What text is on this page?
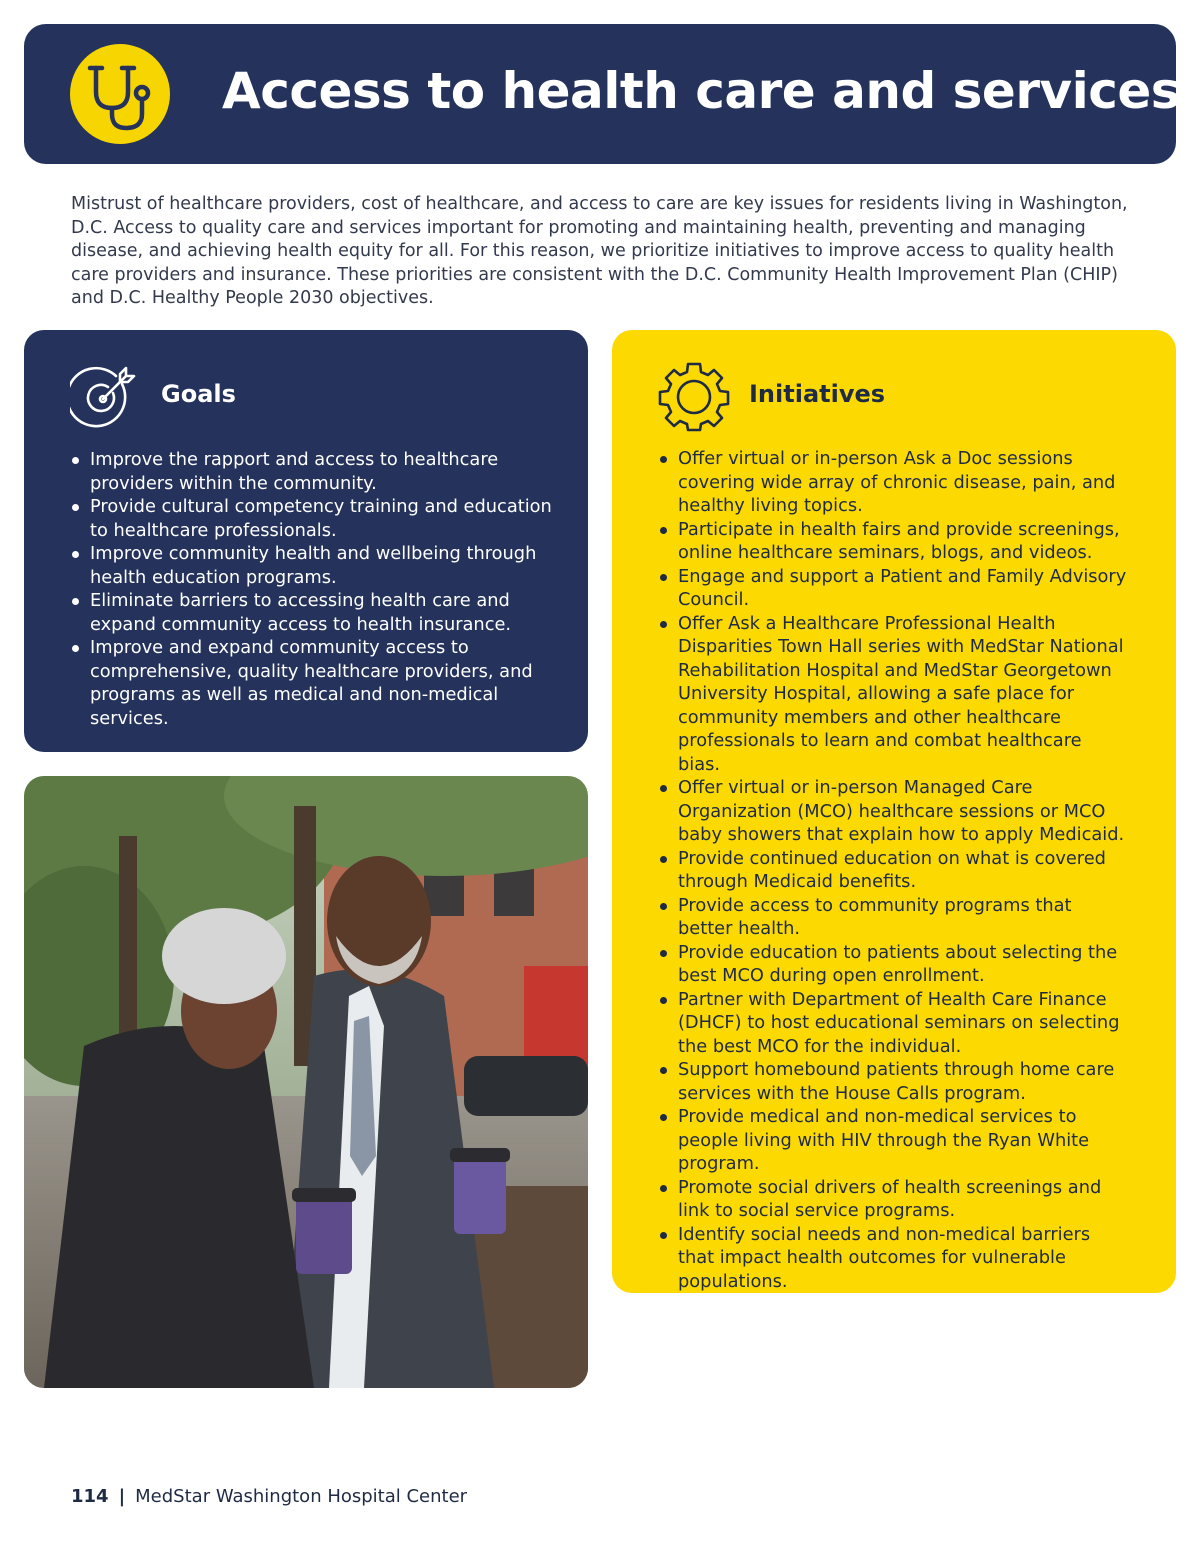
Access to health care and services

Mistrust of healthcare providers, cost of healthcare, and access to care are key issues for residents living in Washington, D.C. Access to quality care and services important for promoting and maintaining health, preventing and managing disease, and achieving health equity for all. For this reason, we prioritize initiatives to improve access to quality health care providers and insurance. These priorities are consistent with the D.C. Community Health Improvement Plan (CHIP) and D.C. Healthy People 2030 objectives.

Goals
Improve the rapport and access to healthcare providers within the community.
Provide cultural competency training and education to healthcare professionals.
Improve community health and wellbeing through health education programs.
Eliminate barriers to accessing health care and expand community access to health insurance.
Improve and expand community access to comprehensive, quality healthcare providers, and programs as well as medical and non-medical services.
Initiatives
Offer virtual or in-person Ask a Doc sessions covering wide array of chronic disease, pain, and healthy living topics.
Participate in health fairs and provide screenings, online healthcare seminars, blogs, and videos.
Engage and support a Patient and Family Advisory Council.
Offer Ask a Healthcare Professional Health Disparities Town Hall series with MedStar National Rehabilitation Hospital and MedStar Georgetown University Hospital, allowing a safe place for community members and other healthcare professionals to learn and combat healthcare bias.
Offer virtual or in-person Managed Care Organization (MCO) healthcare sessions or MCO baby showers that explain how to apply Medicaid.
Provide continued education on what is covered through Medicaid benefits.
Provide access to community programs that better health.
Provide education to patients about selecting the best MCO during open enrollment.
Partner with Department of Health Care Finance (DHCF) to host educational seminars on selecting the best MCO for the individual.
Support homebound patients through home care services with the House Calls program.
Provide medical and non-medical services to people living with HIV through the Ryan White program.
Promote social drivers of health screenings and link to social service programs.
Identify social needs and non-medical barriers that impact health outcomes for vulnerable populations.
114 | MedStar Washington Hospital Center
